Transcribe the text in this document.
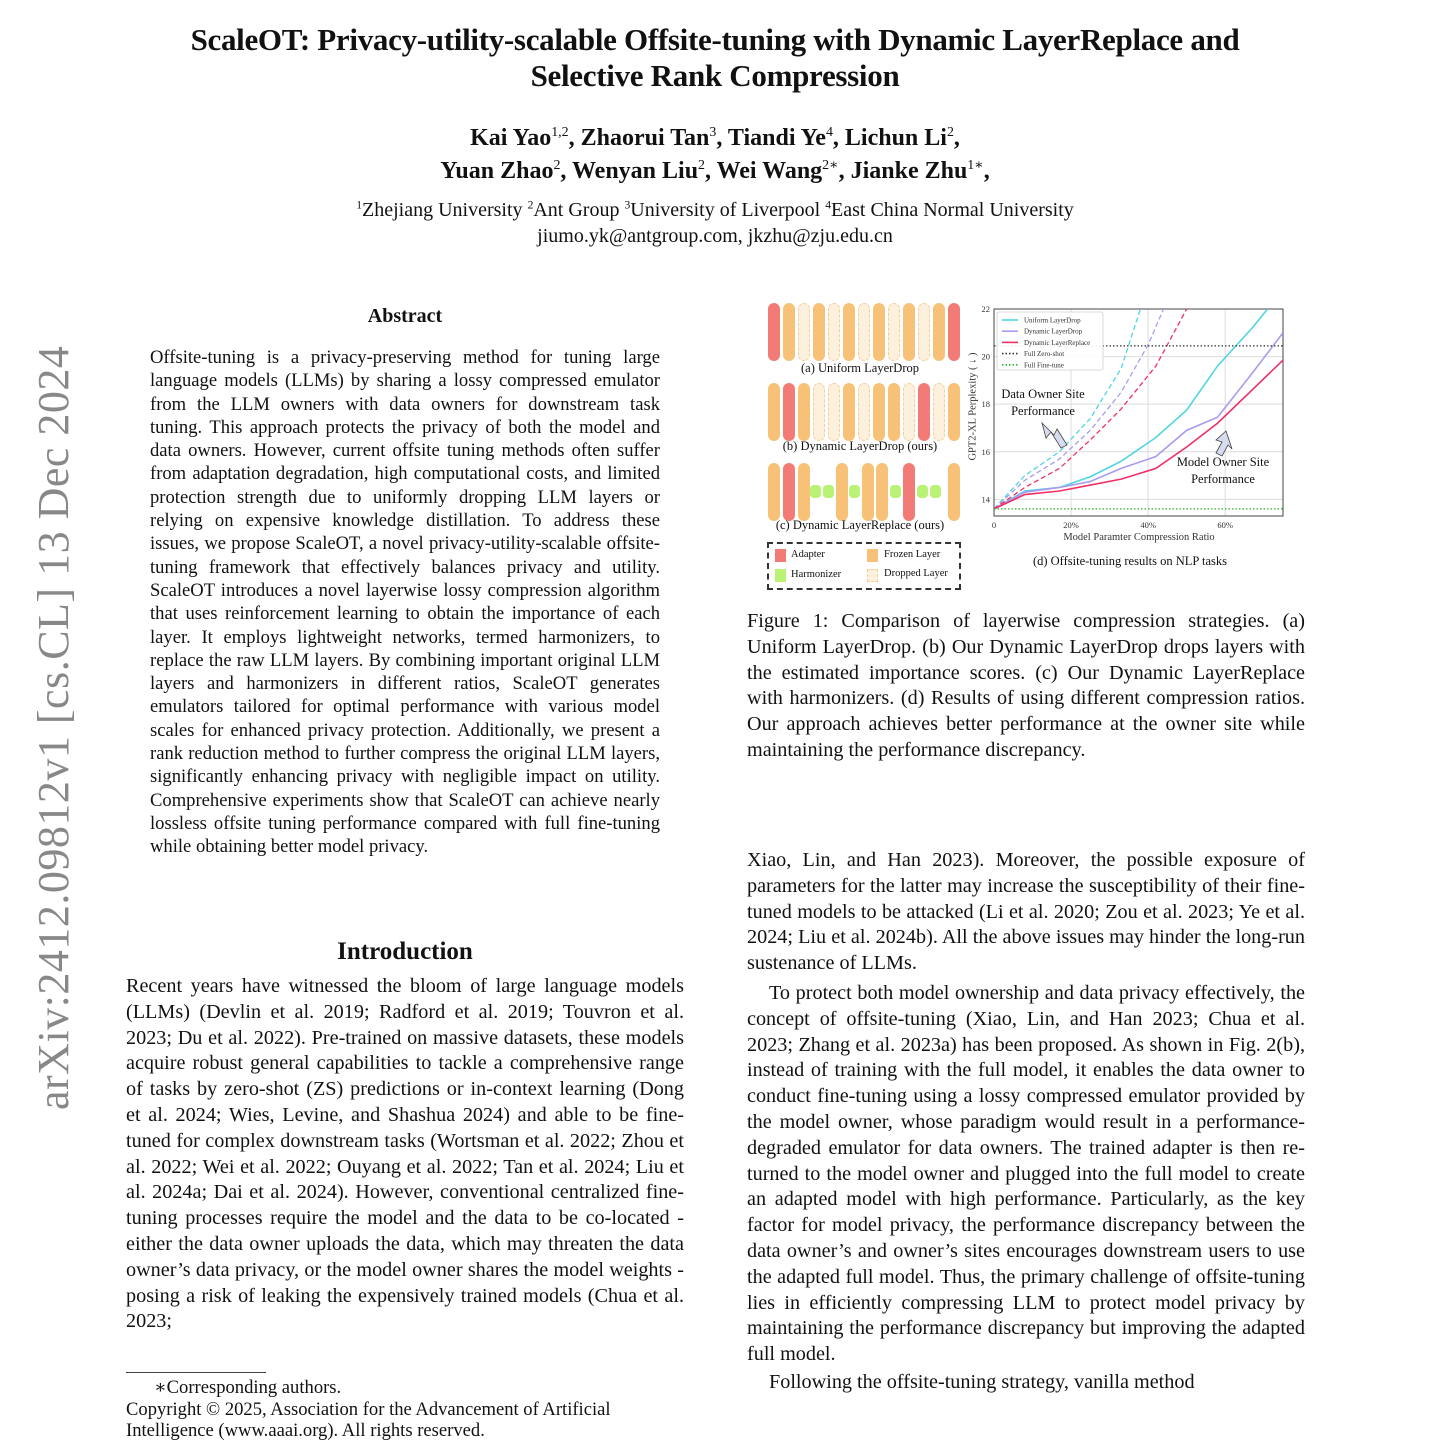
ScaleOT: Privacy-utility-scalable Offsite-tuning with Dynamic LayerReplace and
Selective Rank Compression
Kai Yao$^{1,2}$, Zhaorui Tan$^3$, Tiandi Ye$^4$, Lichun Li$^2$,
Yuan Zhao$^2$, Wenyan Liu$^2$, Wei Wang$^{2∗}$, Jianke Zhu$^{1∗}$,
$^1$Zhejiang University $^2$Ant Group $^3$University of Liverpool $^4$East China Normal University
jiumo.yk@antgroup.com, jkzhu@zju.edu.cn
arXiv:2412.09812v1 [cs.CL] 13 Dec 2024
Abstract
Offsite-tuning is a privacy-preserving method for tuning large language models (LLMs) by sharing a lossy compressed emulator from the LLM owners with data owners for downstream task tuning. This approach protects the privacy of both the model and data owners. However, current offsite tuning methods often suffer from adaptation degradation, high computational costs, and limited protection strength due to uniformly dropping LLM layers or relying on expensive knowledge distillation. To address these issues, we propose ScaleOT, a novel privacy-utility-scalable offsite-tuning framework that effectively balances privacy and utility. ScaleOT introduces a novel layerwise lossy compression algorithm that uses reinforcement learning to obtain the importance of each layer. It employs lightweight networks, termed harmonizers, to replace the raw LLM layers. By combining important original LLM layers and harmonizers in different ratios, ScaleOT generates emulators tailored for optimal performance with various model scales for enhanced privacy protection. Additionally, we present a rank reduction method to further compress the original LLM layers, significantly enhancing privacy with negligible impact on utility. Comprehensive experiments show that ScaleOT can achieve nearly lossless offsite tuning performance compared with full fine-tuning while obtaining better model privacy.
Introduction
Recent years have witnessed the bloom of large language models (LLMs) (Devlin et al. 2019; Radford et al. 2019; Touvron et al. 2023; Du et al. 2022). Pre-trained on massive datasets, these models acquire robust general capabilities to tackle a comprehensive range of tasks by zero-shot (ZS) predictions or in-context learning (Dong et al. 2024; Wies, Levine, and Shashua 2024) and able to be fine-tuned for complex downstream tasks (Wortsman et al. 2022; Zhou et al. 2022; Wei et al. 2022; Ouyang et al. 2022; Tan et al. 2024; Liu et al. 2024a; Dai et al. 2024). However, conventional centralized fine-tuning processes require the model and the data to be co-located - either the data owner uploads the data, which may threaten the data owner’s data privacy, or the model owner shares the model weights - posing a risk of leaking the expensively trained models (Chua et al. 2023;
∗Corresponding authors.
Copyright © 2025, Association for the Advancement of Artificial
Intelligence (www.aaai.org). All rights reserved.
(a) Uniform LayerDrop
(b) Dynamic LayerDrop (ours)
(c) Dynamic LayerReplace (ours)
Adapter	Frozen Layer
Harmonizer	Dropped Layer
0	20%	40%	60%
14
16
18
20
22
Uniform LayerDrop
Dynamic LayerDrop
Dynamic LayerReplace
Full Zero-shot
Full Fine-tune
(d) Offsite-tuning results on NLP tasks
Model Paramter Compression Ratio
GPT2-XL Perplexity ( ↓ )	Data Owner Site
Performance
Model Owner Site
Performance
Figure 1: Comparison of layerwise compression strategies. (a) Uniform LayerDrop. (b) Our Dynamic LayerDrop drops layers with the estimated importance scores. (c) Our Dynamic LayerReplace with harmonizers. (d) Results of using different compression ratios. Our approach achieves better performance at the owner site while maintaining the performance discrepancy.

Xiao, Lin, and Han 2023). Moreover, the possible exposure of parameters for the latter may increase the susceptibility of their fine-tuned models to be attacked (Li et al. 2020; Zou et al. 2023; Ye et al. 2024; Liu et al. 2024b). All the above issues may hinder the long-run sustenance of LLMs.

To protect both model ownership and data privacy effectively, the concept of offsite-tuning (Xiao, Lin, and Han 2023; Chua et al. 2023; Zhang et al. 2023a) has been proposed. As shown in Fig. 2(b), instead of training with the full model, it enables the data owner to conduct fine-tuning using a lossy compressed emulator provided by the model owner, whose paradigm would result in a performance-degraded emulator for data owners. The trained adapter is then returned to the model owner and plugged into the full model to create an adapted model with high performance. Particularly, as the key factor for model privacy, the performance discrepancy between the data owner’s and owner’s sites encourages downstream users to use the adapted full model. Thus, the primary challenge of offsite-tuning lies in efficiently compressing LLM to protect model privacy by maintaining the performance discrepancy but improving the adapted full model.

Following the offsite-tuning strategy, vanilla method
